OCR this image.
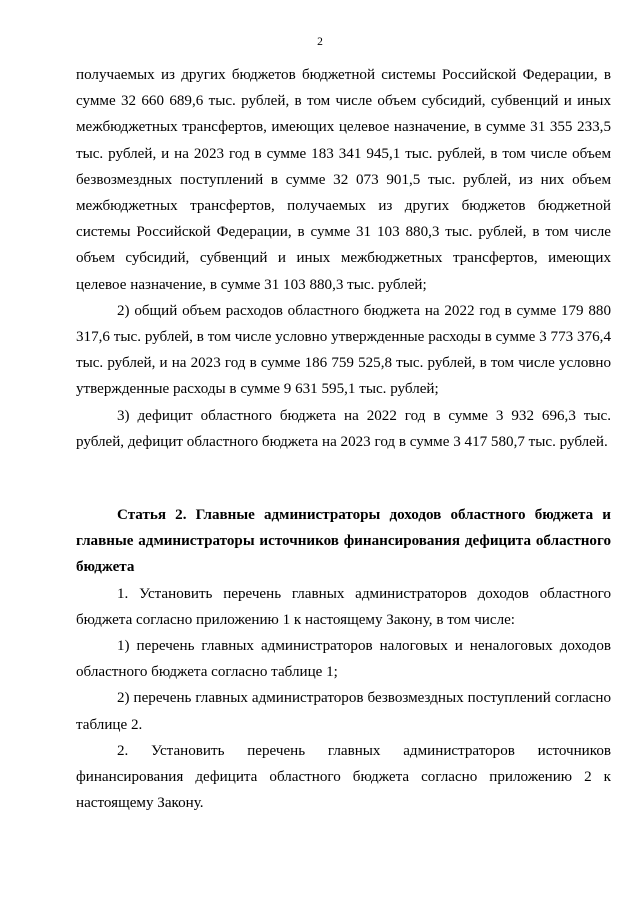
2

получаемых из других бюджетов бюджетной системы Российской Федерации, в сумме 32 660 689,6 тыс. рублей, в том числе объем субсидий, субвенций и иных межбюджетных трансфертов, имеющих целевое назначение, в сумме 31 355 233,5 тыс. рублей, и на 2023 год в сумме 183 341 945,1 тыс. рублей, в том числе объем безвозмездных поступлений в сумме 32 073 901,5 тыс. рублей, из них объем межбюджетных трансфертов, получаемых из других бюджетов бюджетной системы Российской Федерации, в сумме 31 103 880,3 тыс. рублей, в том числе объем субсидий, субвенций и иных межбюджетных трансфертов, имеющих целевое назначение, в сумме 31 103 880,3 тыс. рублей;

2) общий объем расходов областного бюджета на 2022 год в сумме 179 880 317,6 тыс. рублей, в том числе условно утвержденные расходы в сумме 3 773 376,4 тыс. рублей, и на 2023 год в сумме 186 759 525,8 тыс. рублей, в том числе условно утвержденные расходы в сумме 9 631 595,1 тыс. рублей;

3) дефицит областного бюджета на 2022 год в сумме 3 932 696,3 тыс. рублей, дефицит областного бюджета на 2023 год в сумме 3 417 580,7 тыс. рублей.

Статья 2. Главные администраторы доходов областного бюджета и главные администраторы источников финансирования дефицита областного бюджета

1. Установить перечень главных администраторов доходов областного бюджета согласно приложению 1 к настоящему Закону, в том числе:

1) перечень главных администраторов налоговых и неналоговых доходов областного бюджета согласно таблице 1;

2) перечень главных администраторов безвозмездных поступлений согласно таблице 2.

2. Установить перечень главных администраторов источников финансирования дефицита областного бюджета согласно приложению 2 к настоящему Закону.
